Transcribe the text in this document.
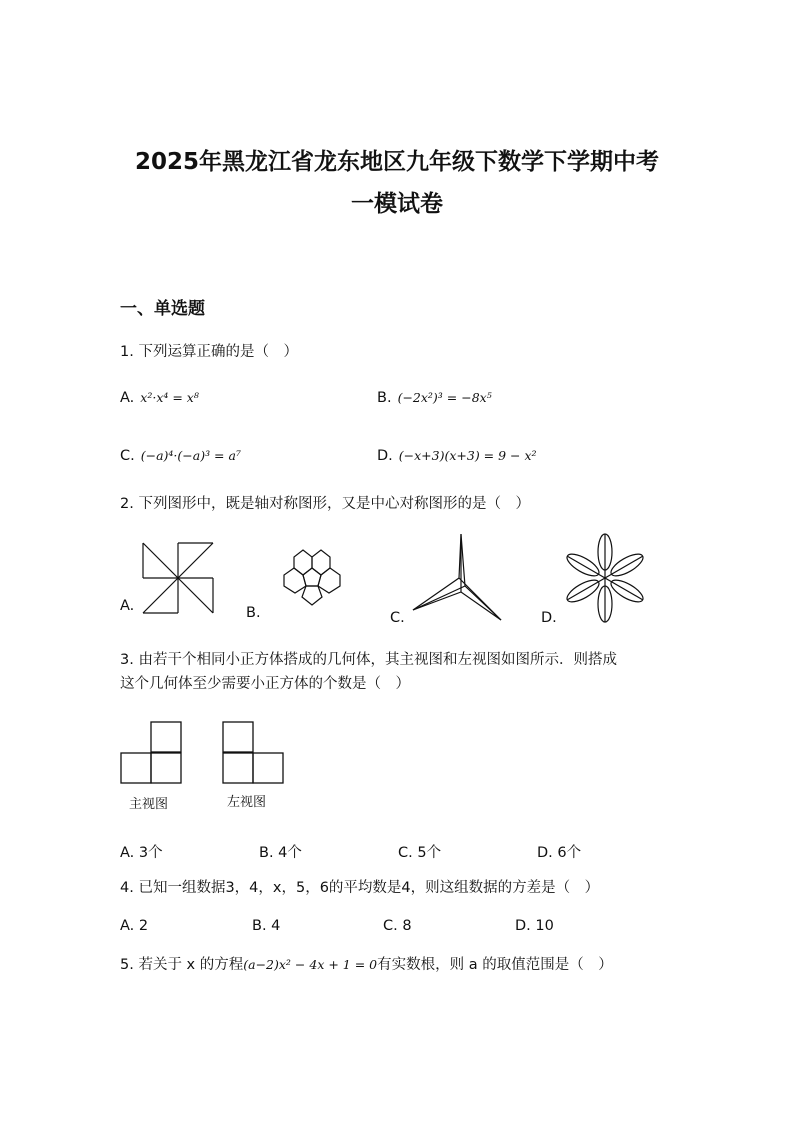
2025年黑龙江省龙东地区九年级下数学下学期中考
一模试卷
一、单选题
1. 下列运算正确的是（　）
A. x²·x⁴ = x⁸	B. (−2x²)³ = −8x⁵
C. (−a)⁴·(−a)³ = a⁷	D. (−x+3)(x+3) = 9 − x²
2. 下列图形中，既是轴对称图形，又是中心对称图形的是（　）
A.	B.	C.	D.
3. 由若干个相同小正方体搭成的几何体，其主视图和左视图如图所示．则搭成
这个几何体至少需要小正方体的个数是（　）
主视图	左视图
A. 3个	B. 4个	C. 5个	D. 6个
4. 已知一组数据3，4，x，5，6的平均数是4，则这组数据的方差是（　）
A. 2	B. 4	C. 8	D. 10
5. 若关于 x 的方程(a−2)x² − 4x + 1 = 0有实数根，则 a 的取值范围是（　）
